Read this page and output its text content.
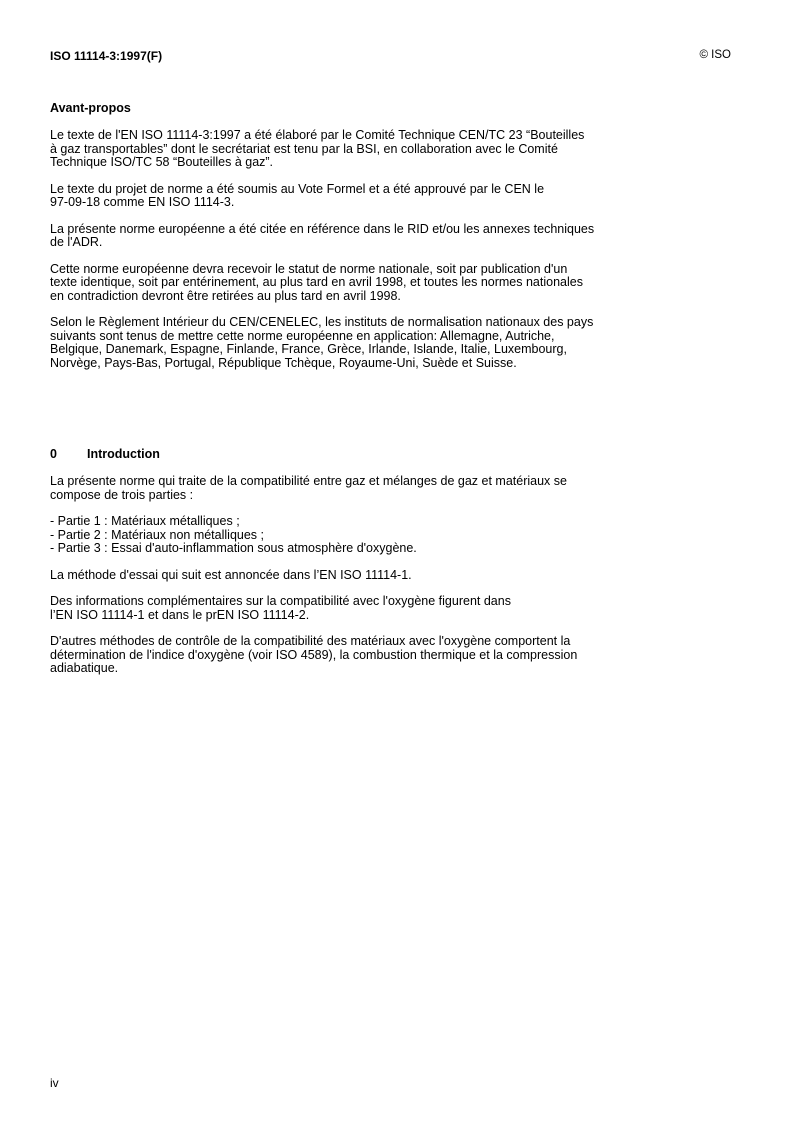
ISO 11114-3:1997(F)	© ISO
Avant-propos

Le texte de l'EN ISO 11114-3:1997 a été élaboré par le Comité Technique CEN/TC 23 “Bouteilles
à gaz transportables” dont le secrétariat est tenu par la BSI, en collaboration avec le Comité
Technique ISO/TC 58 “Bouteilles à gaz”.

Le texte du projet de norme a été soumis au Vote Formel et a été approuvé par le CEN le
97-09-18 comme EN ISO 1114-3.

La présente norme européenne a été citée en référence dans le RID et/ou les annexes techniques
de l'ADR.

Cette norme européenne devra recevoir le statut de norme nationale, soit par publication d'un
texte identique, soit par entérinement, au plus tard en avril 1998, et toutes les normes nationales
en contradiction devront être retirées au plus tard en avril 1998.

Selon le Règlement Intérieur du CEN/CENELEC, les instituts de normalisation nationaux des pays
suivants sont tenus de mettre cette norme européenne en application: Allemagne, Autriche,
Belgique, Danemark, Espagne, Finlande, France, Grèce, Irlande, Islande, Italie, Luxembourg,
Norvège, Pays-Bas, Portugal, République Tchèque, Royaume-Uni, Suède et Suisse.

0 Introduction

La présente norme qui traite de la compatibilité entre gaz et mélanges de gaz et matériaux se
compose de trois parties :

- Partie 1 : Matériaux métalliques ;
- Partie 2 : Matériaux non métalliques ;
- Partie 3 : Essai d'auto-inflammation sous atmosphère d'oxygène.

La méthode d'essai qui suit est annoncée dans l’EN ISO 11114-1.

Des informations complémentaires sur la compatibilité avec l'oxygène figurent dans
l’EN ISO 11114-1 et dans le prEN ISO 11114-2.

D'autres méthodes de contrôle de la compatibilité des matériaux avec l'oxygène comportent la
détermination de l'indice d'oxygène (voir ISO 4589), la combustion thermique et la compression
adiabatique.

iv
